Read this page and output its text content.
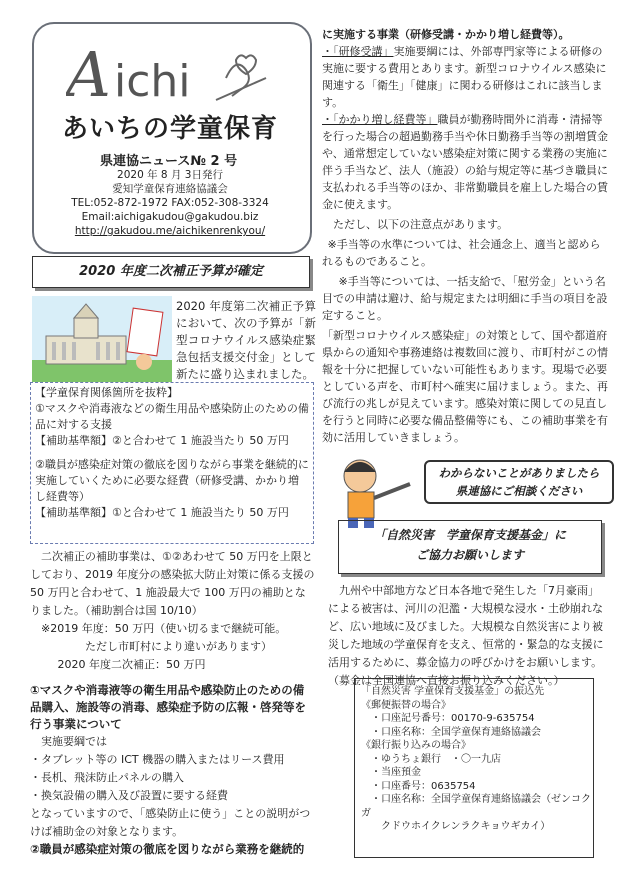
A ichi
あいちの学童保育
県連協ニュース№ 2 号

2020 年 8 月 3日発行

愛知学童保育連絡協議会

TEL:052-872-1972 FAX:052-308-3324

Email:aichigakudou@gakudou.biz

http://gakudou.me/aichikenrenkyou/

2020 年度二次補正予算が確定
2020 年度第二次補正予算において、次の予算が「新型コロナウイルス感染症緊急包括支援交付金」として新たに盛り込まれました。

【学童保育関係箇所を抜粋】

①マスクや消毒液などの衛生用品や感染防止のための備品に対する支援

【補助基準額】②と合わせて 1 施設当たり 50 万円

②職員が感染症対策の徹底を図りながら事業を継続的に実施していくために必要な経費（研修受講、かかり増し経費等）

【補助基準額】①と合わせて 1 施設当たり 50 万円

二次補正の補助事業は、①②あわせて 50 万円を上限としており、2019 年度分の感染拡大防止対策に係る支援の 50 万円と合わせて、1 施設最大で 100 万円の補助となりました。（補助割合は国 10/10）

※2019 年度：50 万円（使い切るまで継続可能。

ただし市町村により違いがあります）

2020 年度二次補正：50 万円

①マスクや消毒液等の衛生用品や感染防止のための備品購入、施設等の消毒、感染症予防の広報・啓発等を行う事業について

実施要綱では

・タブレット等の ICT 機器の購入またはリース費用

・長机、飛沫防止パネルの購入

・換気設備の購入及び設置に要する経費

となっていますので、「感染防止に使う」ことの説明がつけば補助金の対象となります。

②職員が感染症対策の徹底を図りながら業務を継続的

に実施する事業（研修受講・かかり増し経費等）。

・「研修受講」実施要綱には、外部専門家等による研修の実施に要する費用とあります。新型コロナウイルス感染に関連する「衛生」「健康」に関わる研修はこれに該当します。

・「かかり増し経費等」職員が勤務時間外に消毒・清掃等を行った場合の超過勤務手当や休日勤務手当等の割増賃金や、通常想定していない感染症対策に関する業務の実施に伴う手当など、法人（施設）の給与規定等に基づき職員に支払われる手当等のほか、非常勤職員を雇上した場合の賃金に使えます。

ただし、以下の注意点があります。

※手当等の水準については、社会通念上、適当と認められるものであること。

※手当等については、一括支給で、「慰労金」という名目での申請は避け、給与規定または明細に手当の項目を設定すること。

「新型コロナウイルス感染症」の対策として、国や都道府県からの通知や事務連絡は複数回に渡り、市町村がこの情報を十分に把握していない可能性もあります。現場で必要としている声を、市町村へ確実に届けましょう。また、再び流行の兆しが見えています。感染対策に関しての見直しを行うと同時に必要な備品整備等にも、この補助事業を有効に活用していきましょう。

わからないことがありましたら

県連協にご相談ください

「自然災害　学童保育支援基金」に

ご協力お願いします

九州や中部地方など日本各地で発生した「7月豪雨」による被害は、河川の氾濫・大規模な浸水・土砂崩れなど、広い地域に及びました。大規模な自然災害により被災した地域の学童保育を支え、恒常的・緊急的な支援に活用するために、募金協力の呼びかけをお願いします。（募金は全国連協へ直接お振り込みください。）

「自然災害 学童保育支援基金」の振込先

《郵便振替の場合》

　・口座記号番号：00170-9-635754

　・口座名称：全国学童保育連絡協議会

《銀行振り込みの場合》

　・ゆうちょ銀行　・〇一九店

　・当座預金

　・口座番号：0635754

　・口座名称：全国学童保育連絡協議会（ゼンコクガ

　　クドウホイクレンラクキョウギカイ）
